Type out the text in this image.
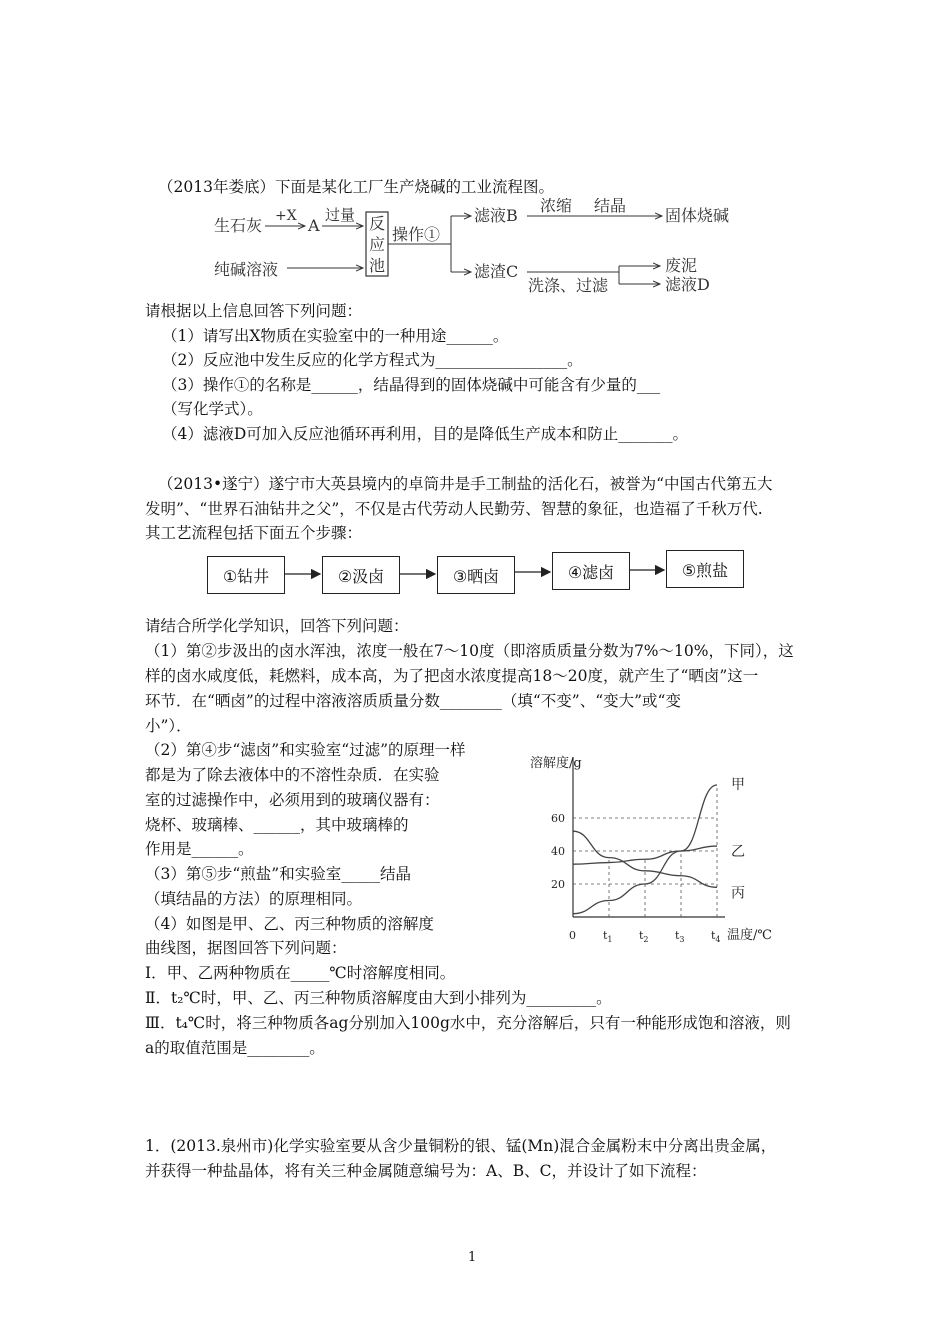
（2013年娄底）下面是某化工厂生产烧碱的工业流程图。
生石灰 +X A
过量
纯碱溶液
反
应
池
操作①
滤液B
浓缩 结晶
固体烧碱
滤渣C
洗涤、过滤
废泥
滤液D
请根据以上信息回答下列问题：
（1）请写出X物质在实验室中的一种用途______。
（2）反应池中发生反应的化学方程式为_________________。
（3）操作①的名称是______，结晶得到的固体烧碱中可能含有少量的___
（写化学式）。
（4）滤液D可加入反应池循环再利用，目的是降低生产成本和防止_______。
（2013•遂宁）遂宁市大英县境内的卓筒井是手工制盐的活化石，被誉为“中国古代第五大
发明”、“世界石油钻井之父”，不仅是古代劳动人民勤劳、智慧的象征，也造福了千秋万代.
其工艺流程包括下面五个步骤：
①钻井	②汲卤	③晒卤	④滤卤	⑤煎盐
请结合所学化学知识，回答下列问题：
（1）第②步汲出的卤水浑浊，浓度一般在7～10度（即溶质质量分数为7%～10%，下同），这
样的卤水咸度低，耗燃料，成本高，为了把卤水浓度提高18～20度，就产生了“晒卤”这一
环节．在“晒卤”的过程中溶液溶质质量分数________（填“不变”、“变大”或“变
小”）．
（2）第④步“滤卤”和实验室“过滤”的原理一样
都是为了除去液体中的不溶性杂质．在实验
室的过滤操作中，必须用到的玻璃仪器有：
烧杯、玻璃棒、______，其中玻璃棒的
作用是______。
（3）第⑤步“煎盐”和实验室_____结晶
（填结晶的方法）的原理相同。
（4）如图是甲、乙、丙三种物质的溶解度
曲线图，据图回答下列问题：
溶解度/g
温度/℃
20
40
60
0 $t_1$ $t_2$ $t_3$ $t_4$
甲
乙
丙
Ⅰ．甲、乙两种物质在_____℃时溶解度相同。
Ⅱ．t₂℃时，甲、乙、丙三种物质溶解度由大到小排列为_________。
Ⅲ．t₄℃时，将三种物质各ag分别加入100g水中，充分溶解后，只有一种能形成饱和溶液，则
a的取值范围是________。
1．(2013.泉州市)化学实验室要从含少量铜粉的银、锰(Mn)混合金属粉末中分离出贵金属，
并获得一种盐晶体，将有关三种金属随意编号为：A、B、C，并设计了如下流程：
1
